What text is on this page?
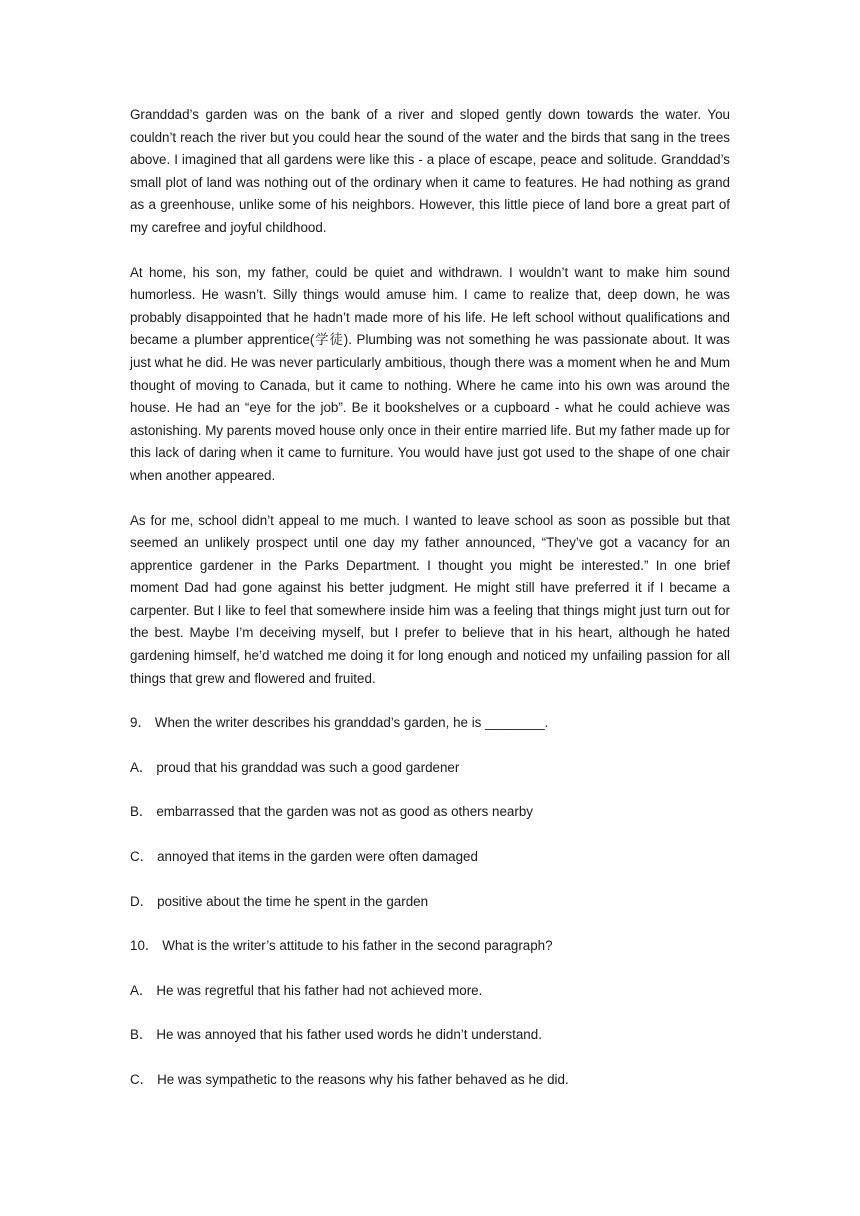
Granddad’s garden was on the bank of a river and sloped gently down towards the water. You couldn’t reach the river but you could hear the sound of the water and the birds that sang in the trees above. I imagined that all gardens were like this - a place of escape, peace and solitude. Granddad’s small plot of land was nothing out of the ordinary when it came to features. He had nothing as grand as a greenhouse, unlike some of his neighbors. However, this little piece of land bore a great part of my carefree and joyful childhood.

At home, his son, my father, could be quiet and withdrawn. I wouldn’t want to make him sound humorless. He wasn’t. Silly things would amuse him. I came to realize that, deep down, he was probably disappointed that he hadn’t made more of his life. He left school without qualifications and became a plumber apprentice(学徒). Plumbing was not something he was passionate about. It was just what he did. He was never particularly ambitious, though there was a moment when he and Mum thought of moving to Canada, but it came to nothing. Where he came into his own was around the house. He had an “eye for the job”. Be it bookshelves or a cupboard - what he could achieve was astonishing. My parents moved house only once in their entire married life. But my father made up for this lack of daring when it came to furniture. You would have just got used to the shape of one chair when another appeared.

As for me, school didn’t appeal to me much. I wanted to leave school as soon as possible but that seemed an unlikely prospect until one day my father announced, “They’ve got a vacancy for an apprentice gardener in the Parks Department. I thought you might be interested.” In one brief moment Dad had gone against his better judgment. He might still have preferred it if I became a carpenter. But I like to feel that somewhere inside him was a feeling that things might just turn out for the best. Maybe I’m deceiving myself, but I prefer to believe that in his heart, although he hated gardening himself, he’d watched me doing it for long enough and noticed my unfailing passion for all things that grew and flowered and fruited.

9． When the writer describes his granddad’s garden, he is ________.

A． proud that his granddad was such a good gardener

B． embarrassed that the garden was not as good as others nearby

C． annoyed that items in the garden were often damaged

D． positive about the time he spent in the garden

10． What is the writer’s attitude to his father in the second paragraph?

A． He was regretful that his father had not achieved more.

B． He was annoyed that his father used words he didn’t understand.

C． He was sympathetic to the reasons why his father behaved as he did.
